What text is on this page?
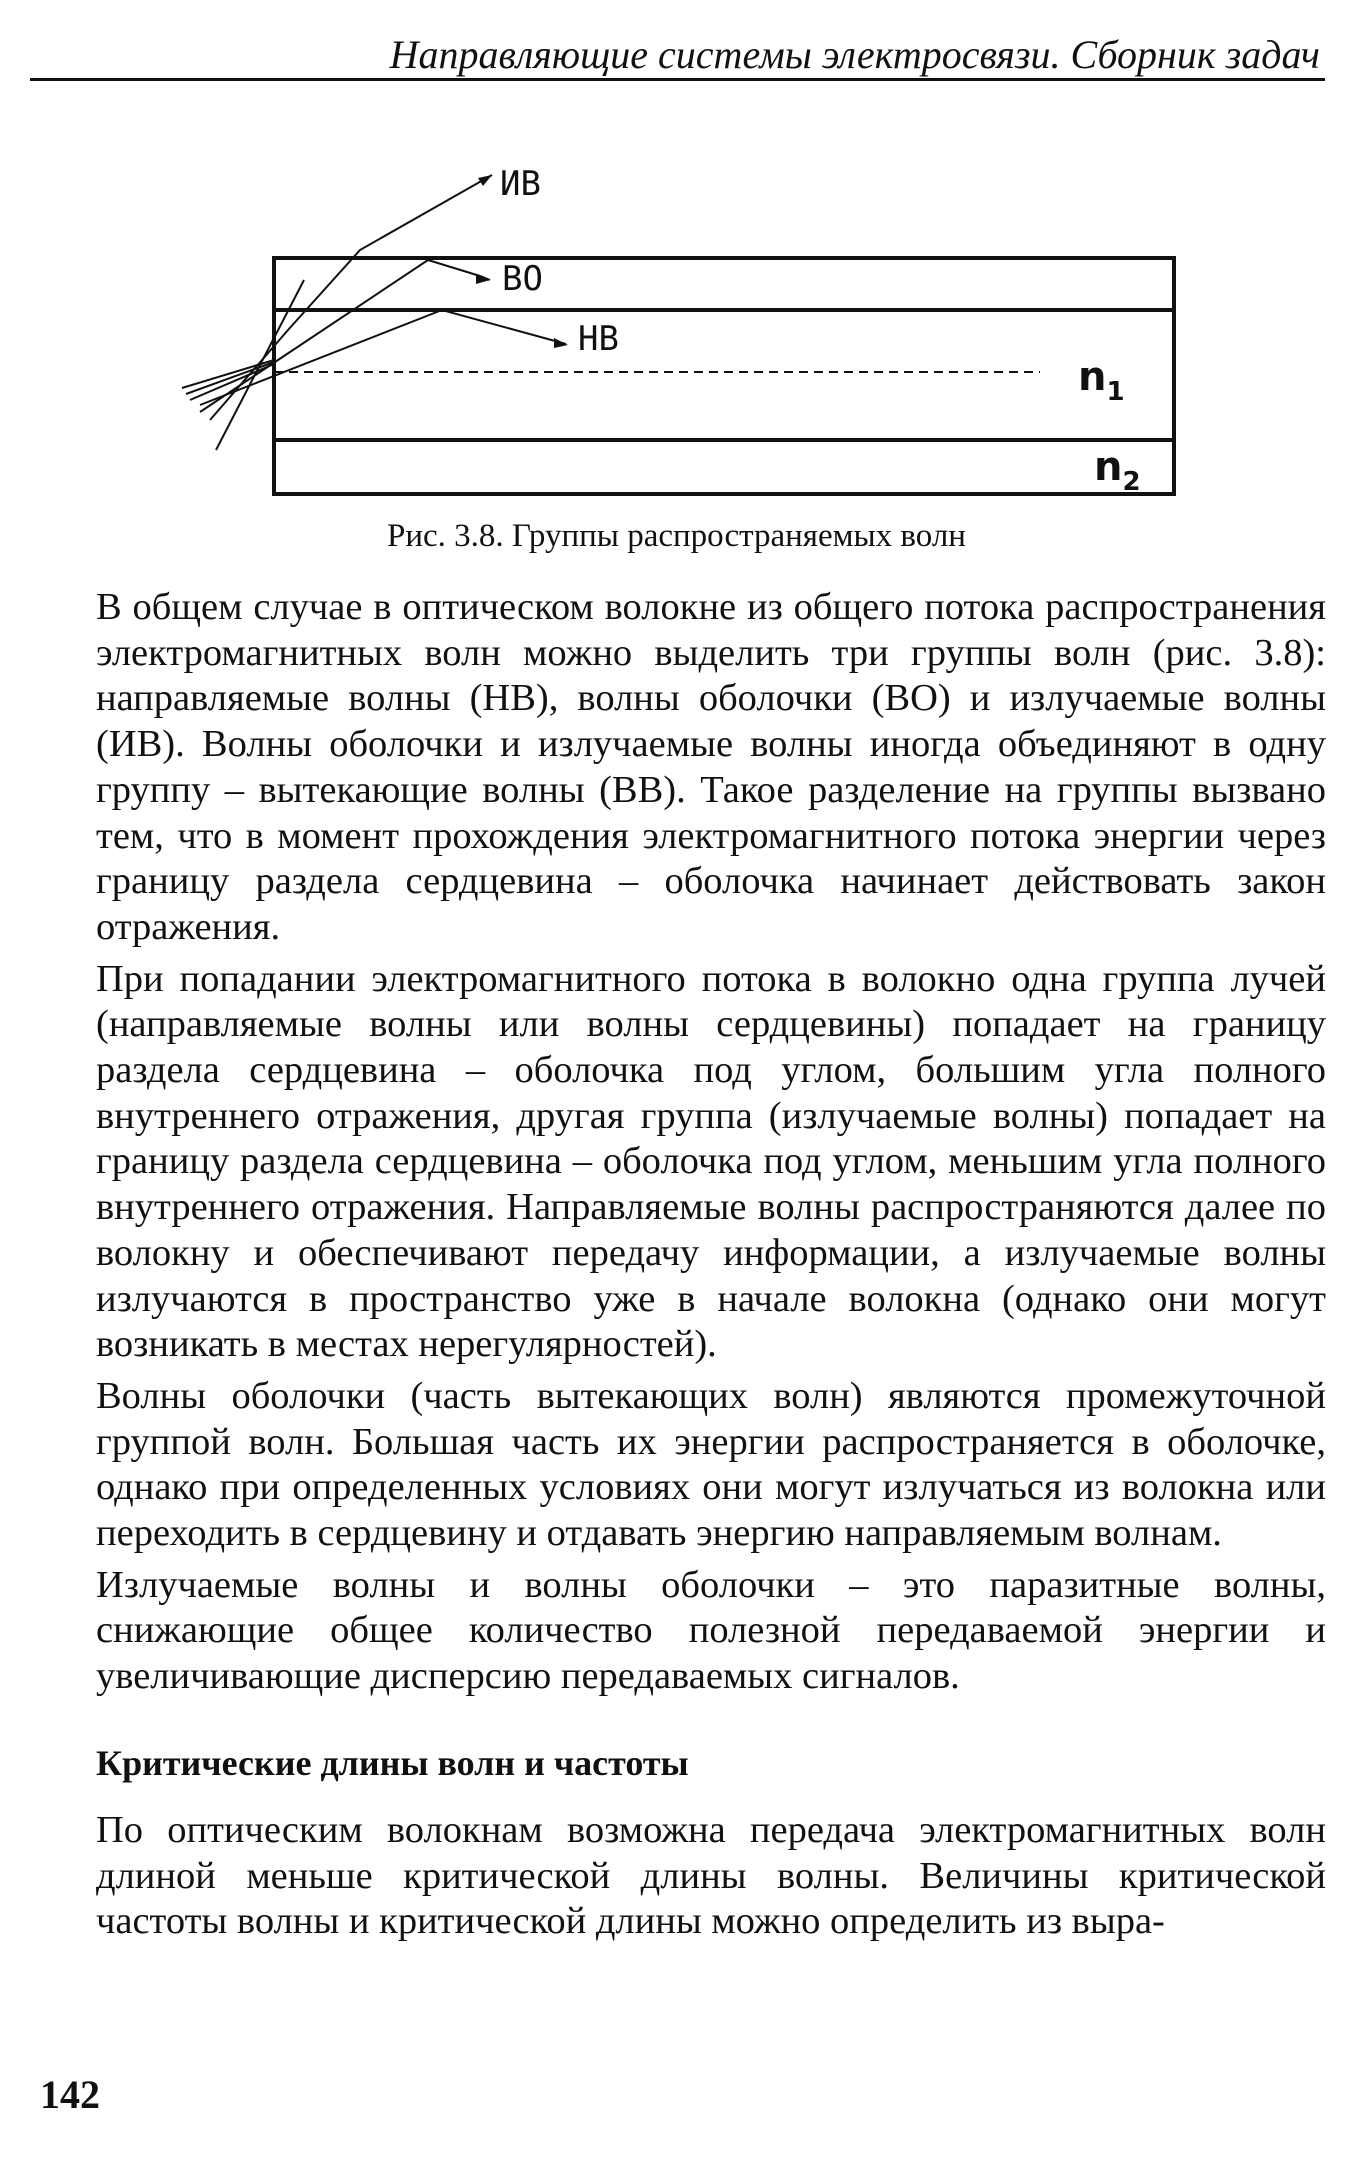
Направляющие системы электросвязи. Сборник задач
ИВ
ВО
НВ
n1
n2
Рис. 3.8. Группы распространяемых волн

В общем случае в оптическом волокне из общего потока распространения электромагнитных волн можно выделить три группы волн (рис. 3.8): направляемые волны (НВ), волны оболочки (ВО) и излучаемые волны (ИВ). Волны оболочки и излучаемые волны иногда объединяют в одну группу – вытекающие волны (ВВ). Такое разделение на группы вызвано тем, что в момент прохождения электромагнитного потока энергии через границу раздела сердцевина – оболочка начинает действовать закон отражения.

При попадании электромагнитного потока в волокно одна группа лучей (направляемые волны или волны сердцевины) попадает на границу раздела сердцевина – оболочка под углом, большим угла полного внутреннего отражения, другая группа (излучаемые волны) попадает на границу раздела сердцевина – оболочка под углом, меньшим угла полного внутреннего отражения. Направляемые волны распространяются далее по волокну и обеспечивают передачу информации, а излучаемые волны излучаются в пространство уже в начале волокна (однако они могут возникать в местах нерегулярностей).

Волны оболочки (часть вытекающих волн) являются промежуточной группой волн. Большая часть их энергии распространяется в оболочке, однако при определенных условиях они могут излучаться из волокна или переходить в сердцевину и отдавать энергию направляемым волнам.

Излучаемые волны и волны оболочки – это паразитные волны, снижающие общее количество полезной передаваемой энергии и увеличивающие дисперсию передаваемых сигналов.

Критические длины волн и частоты

По оптическим волокнам возможна передача электромагнитных волн длиной меньше критической длины волны. Величины критической частоты волны и критической длины можно определить из выра-

142
